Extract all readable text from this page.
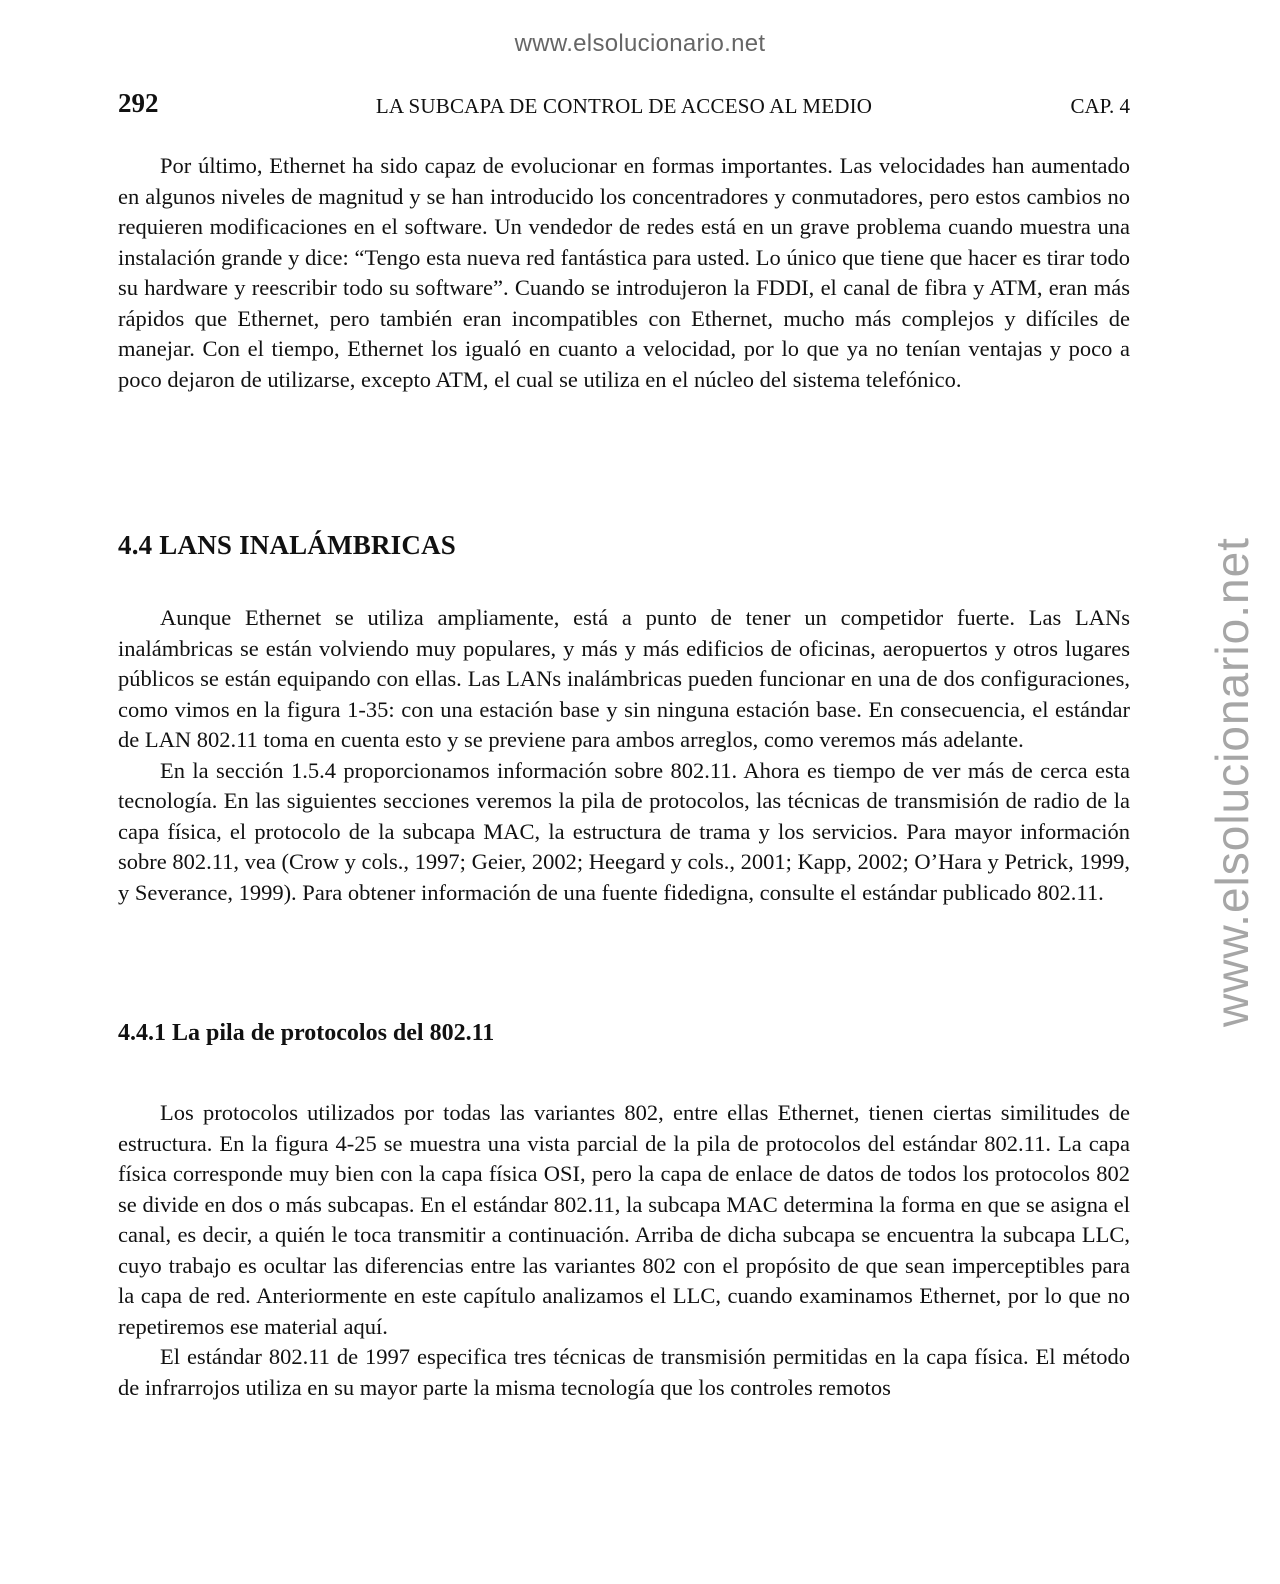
www.elsolucionario.net
www.elsolucionario.net
292	LA SUBCAPA DE CONTROL DE ACCESO AL MEDIO	CAP. 4

Por último, Ethernet ha sido capaz de evolucionar en formas importantes. Las velocidades han aumentado en algunos niveles de magnitud y se han introducido los concentradores y conmutadores, pero estos cambios no requieren modificaciones en el software. Un vendedor de redes está en un grave problema cuando muestra una instalación grande y dice: “Tengo esta nueva red fantástica para usted. Lo único que tiene que hacer es tirar todo su hardware y reescribir todo su software”. Cuando se introdujeron la FDDI, el canal de fibra y ATM, eran más rápidos que Ethernet, pero también eran incompatibles con Ethernet, mucho más complejos y difíciles de manejar. Con el tiempo, Ethernet los igualó en cuanto a velocidad, por lo que ya no tenían ventajas y poco a poco dejaron de utilizarse, excepto ATM, el cual se utiliza en el núcleo del sistema telefónico.

4.4 LANS INALÁMBRICAS

Aunque Ethernet se utiliza ampliamente, está a punto de tener un competidor fuerte. Las LANs inalámbricas se están volviendo muy populares, y más y más edificios de oficinas, aeropuertos y otros lugares públicos se están equipando con ellas. Las LANs inalámbricas pueden funcionar en una de dos configuraciones, como vimos en la figura 1-35: con una estación base y sin ninguna estación base. En consecuencia, el estándar de LAN 802.11 toma en cuenta esto y se previene para ambos arreglos, como veremos más adelante.

En la sección 1.5.4 proporcionamos información sobre 802.11. Ahora es tiempo de ver más de cerca esta tecnología. En las siguientes secciones veremos la pila de protocolos, las técnicas de transmisión de radio de la capa física, el protocolo de la subcapa MAC, la estructura de trama y los servicios. Para mayor información sobre 802.11, vea (Crow y cols., 1997; Geier, 2002; Heegard y cols., 2001; Kapp, 2002; O’Hara y Petrick, 1999, y Severance, 1999). Para obtener información de una fuente fidedigna, consulte el estándar publicado 802.11.

4.4.1 La pila de protocolos del 802.11

Los protocolos utilizados por todas las variantes 802, entre ellas Ethernet, tienen ciertas similitudes de estructura. En la figura 4-25 se muestra una vista parcial de la pila de protocolos del estándar 802.11. La capa física corresponde muy bien con la capa física OSI, pero la capa de enlace de datos de todos los protocolos 802 se divide en dos o más subcapas. En el estándar 802.11, la subcapa MAC determina la forma en que se asigna el canal, es decir, a quién le toca transmitir a continuación. Arriba de dicha subcapa se encuentra la subcapa LLC, cuyo trabajo es ocultar las diferencias entre las variantes 802 con el propósito de que sean imperceptibles para la capa de red. Anteriormente en este capítulo analizamos el LLC, cuando examinamos Ethernet, por lo que no repetiremos ese material aquí.

El estándar 802.11 de 1997 especifica tres técnicas de transmisión permitidas en la capa física. El método de infrarrojos utiliza en su mayor parte la misma tecnología que los controles remotos
